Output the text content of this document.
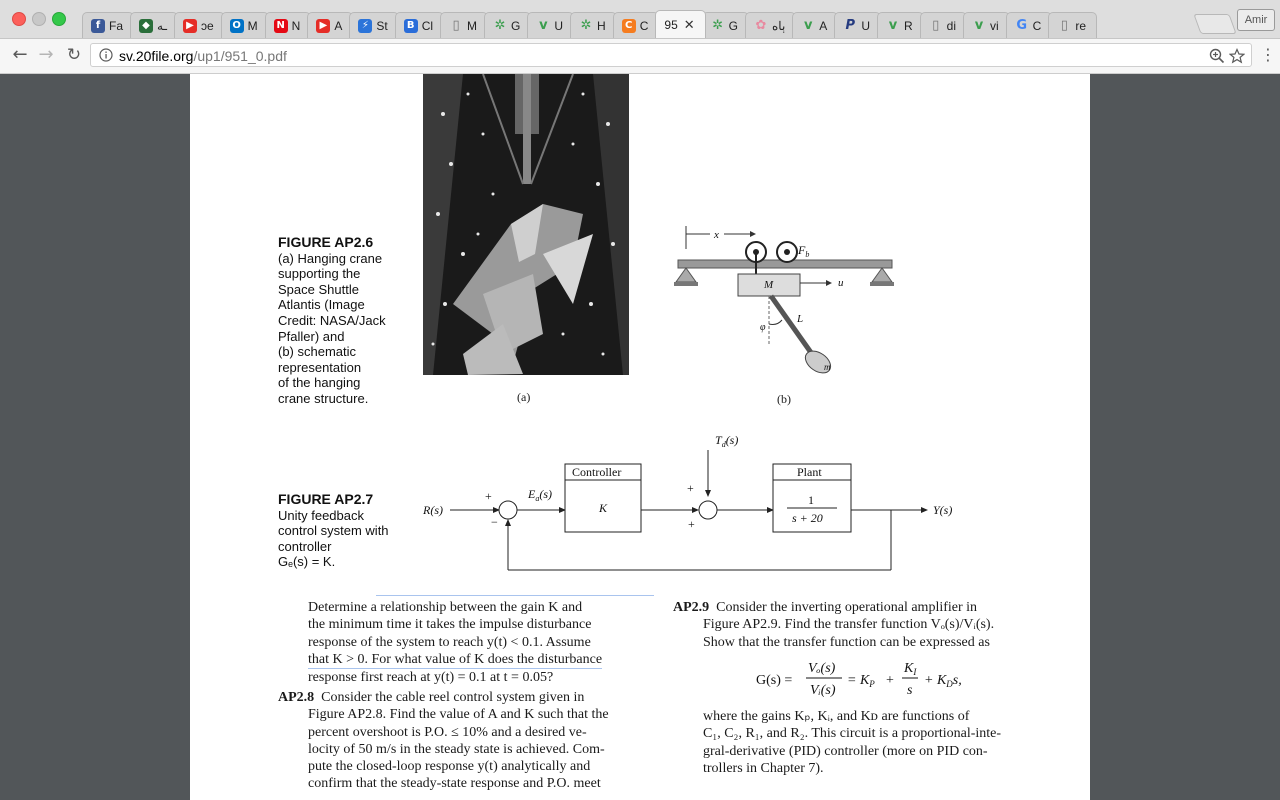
f Fa	◆ ـه	▶ ɔe O M N N	▶ A	⚡ St	B Cl ▯ M ✲ G v U ✲ H	C C 95 ✕ ✲ G ✿ ٻاه v A P U v R ▯ di v vi G C ▯ re	Amir
← → ↻	sv.20file.org/up1/951_0.pdf	⋮
x
$F_b$
M	u
φ
L
m
(a)	(b)
FIGURE AP2.6
(a) Hanging crane
supporting the
Space Shuttle
Atlantis (Image
Credit: NASA/Jack
Pfaller) and
(b) schematic
representation
of the hanging
crane structure.
$T_d(s)$
R(s)
+
−
$E_a(s)$
Controller
K
+
+
Plant
1
s + 20
Y(s)
FIGURE AP2.7
Unity feedback
control system with
controller
Gₑ(s) = K.
Determine a relationship between the gain K and
the minimum time it takes the impulse disturbance
response of the system to reach y(t) < 0.1. Assume
that K > 0. For what value of K does the disturbance
response first reach at y(t) = 0.1 at t = 0.05?
AP2.8 Consider the cable reel control system given in
Figure AP2.8. Find the value of A and K such that the
percent overshoot is P.O. ≤ 10% and a desired ve-
locity of 50 m/s in the steady state is achieved. Com-
pute the closed-loop response y(t) analytically and
confirm that the steady-state response and P.O. meet
AP2.9 Consider the inverting operational amplifier in
Figure AP2.9. Find the transfer function Vₒ(s)/Vᵢ(s).
Show that the transfer function can be expressed as
G(s) =
Vₒ(s)
Vᵢ(s)
= $K_P$ +
$K_I$
s
+ $K_Ds$,
where the gains Kₚ, Kᵢ, and Kᴅ are functions of
C₁, C₂, R₁, and R₂. This circuit is a proportional-inte-
gral-derivative (PID) controller (more on PID con-
trollers in Chapter 7).
